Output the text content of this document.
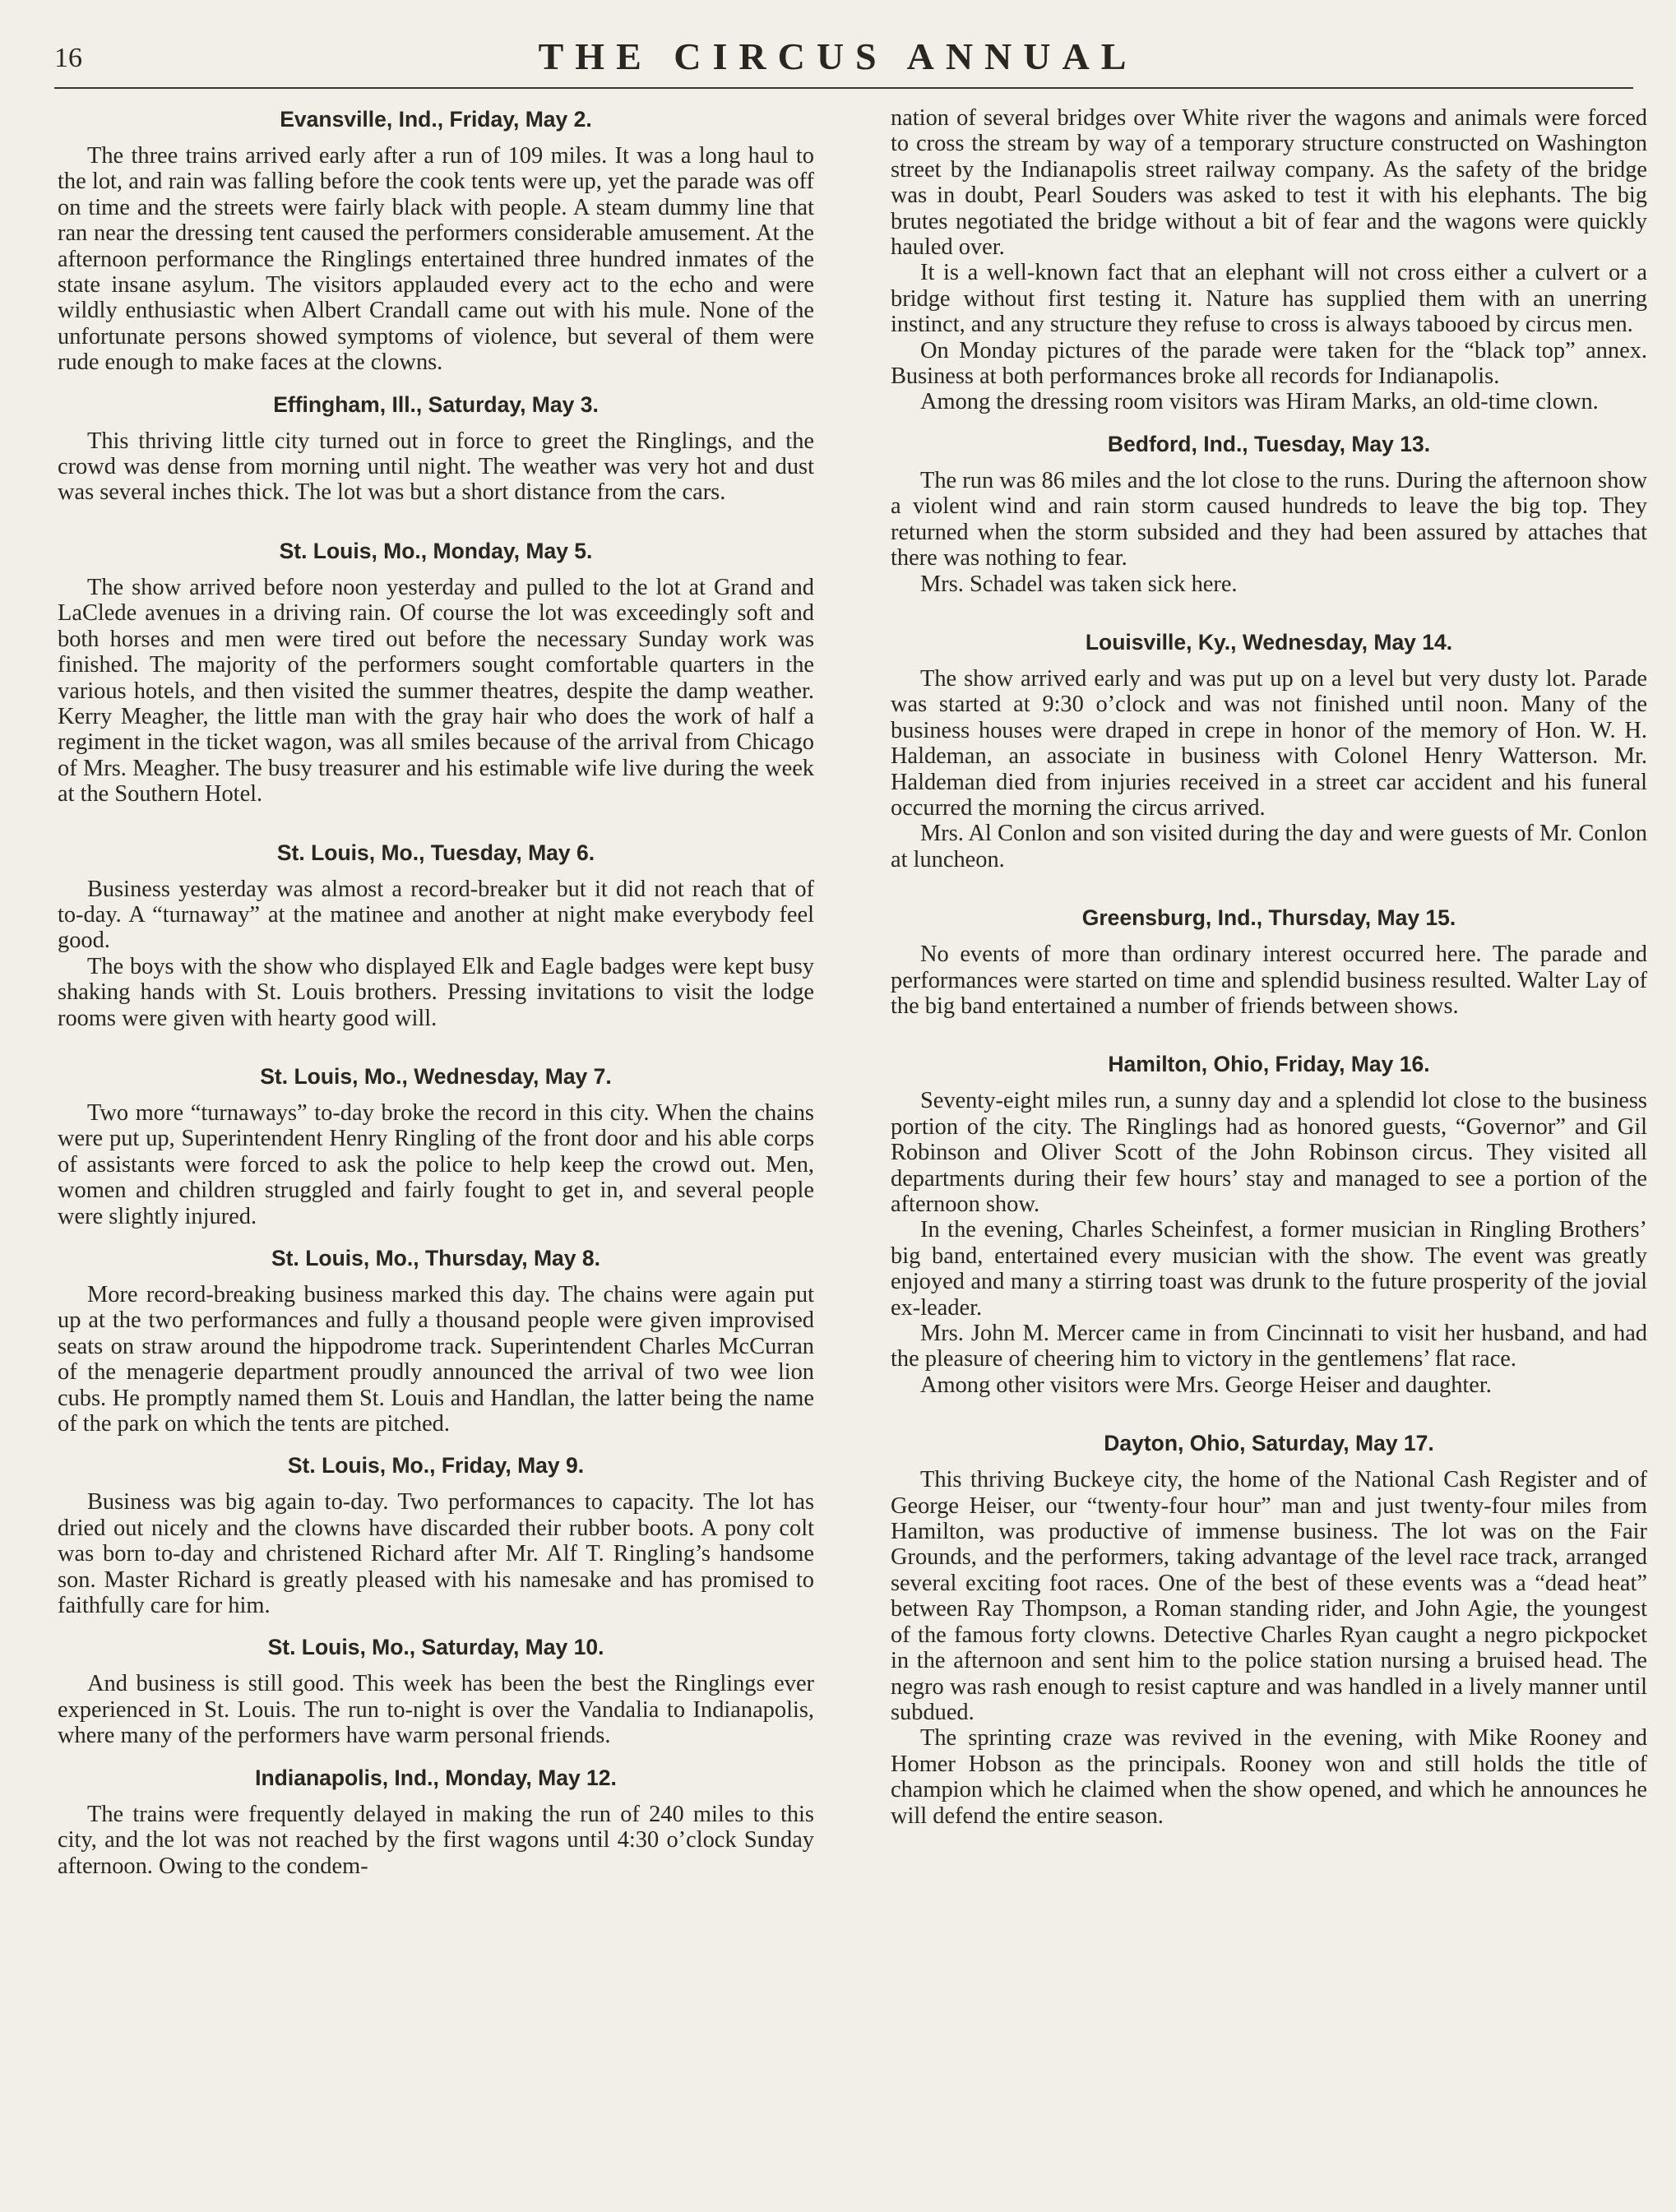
16	THE CIRCUS ANNUAL
Evansville, Ind., Friday, May 2.

The three trains arrived early after a run of 109 miles. It was a long haul to the lot, and rain was falling before the cook tents were up, yet the parade was off on time and the streets were fairly black with people. A steam dummy line that ran near the dressing tent caused the performers considerable amusement. At the afternoon performance the Ringlings entertained three hundred inmates of the state insane asylum. The visitors applauded every act to the echo and were wildly enthusiastic when Albert Crandall came out with his mule. None of the unfortunate persons showed symptoms of violence, but several of them were rude enough to make faces at the clowns.

Effingham, Ill., Saturday, May 3.

This thriving little city turned out in force to greet the Ringlings, and the crowd was dense from morning until night. The weather was very hot and dust was several inches thick. The lot was but a short distance from the cars.

St. Louis, Mo., Monday, May 5.

The show arrived before noon yesterday and pulled to the lot at Grand and LaClede avenues in a driving rain. Of course the lot was exceedingly soft and both horses and men were tired out before the necessary Sunday work was finished. The majority of the performers sought comfortable quarters in the various hotels, and then visited the summer theatres, despite the damp weather. Kerry Meagher, the little man with the gray hair who does the work of half a regiment in the ticket wagon, was all smiles because of the arrival from Chicago of Mrs. Meagher. The busy treasurer and his estimable wife live during the week at the Southern Hotel.

St. Louis, Mo., Tuesday, May 6.

Business yesterday was almost a record-breaker but it did not reach that of to-day. A “turnaway” at the matinee and another at night make everybody feel good.

The boys with the show who displayed Elk and Eagle badges were kept busy shaking hands with St. Louis brothers. Pressing invitations to visit the lodge rooms were given with hearty good will.

St. Louis, Mo., Wednesday, May 7.

Two more “turnaways” to-day broke the record in this city. When the chains were put up, Superintendent Henry Ringling of the front door and his able corps of assistants were forced to ask the police to help keep the crowd out. Men, women and children struggled and fairly fought to get in, and several people were slightly injured.

St. Louis, Mo., Thursday, May 8.

More record-breaking business marked this day. The chains were again put up at the two performances and fully a thousand people were given improvised seats on straw around the hippodrome track. Superintendent Charles McCurran of the menagerie department proudly announced the arrival of two wee lion cubs. He promptly named them St. Louis and Handlan, the latter being the name of the park on which the tents are pitched.

St. Louis, Mo., Friday, May 9.

Business was big again to-day. Two performances to capacity. The lot has dried out nicely and the clowns have discarded their rubber boots. A pony colt was born to-day and christened Richard after Mr. Alf T. Ringling’s handsome son. Master Richard is greatly pleased with his namesake and has promised to faithfully care for him.

St. Louis, Mo., Saturday, May 10.

And business is still good. This week has been the best the Ringlings ever experienced in St. Louis. The run to-night is over the Vandalia to Indianapolis, where many of the performers have warm personal friends.

Indianapolis, Ind., Monday, May 12.

The trains were frequently delayed in making the run of 240 miles to this city, and the lot was not reached by the first wagons until 4:30 o’clock Sunday afternoon. Owing to the condem-

nation of several bridges over White river the wagons and animals were forced to cross the stream by way of a temporary structure constructed on Washington street by the Indianapolis street railway company. As the safety of the bridge was in doubt, Pearl Souders was asked to test it with his elephants. The big brutes negotiated the bridge without a bit of fear and the wagons were quickly hauled over.

It is a well-known fact that an elephant will not cross either a culvert or a bridge without first testing it. Nature has supplied them with an unerring instinct, and any structure they refuse to cross is always tabooed by circus men.

On Monday pictures of the parade were taken for the “black top” annex. Business at both performances broke all records for Indianapolis.

Among the dressing room visitors was Hiram Marks, an old-time clown.

Bedford, Ind., Tuesday, May 13.

The run was 86 miles and the lot close to the runs. During the afternoon show a violent wind and rain storm caused hundreds to leave the big top. They returned when the storm subsided and they had been assured by attaches that there was nothing to fear.

Mrs. Schadel was taken sick here.

Louisville, Ky., Wednesday, May 14.

The show arrived early and was put up on a level but very dusty lot. Parade was started at 9:30 o’clock and was not finished until noon. Many of the business houses were draped in crepe in honor of the memory of Hon. W. H. Haldeman, an associate in business with Colonel Henry Watterson. Mr. Haldeman died from injuries received in a street car accident and his funeral occurred the morning the circus arrived.

Mrs. Al Conlon and son visited during the day and were guests of Mr. Conlon at luncheon.

Greensburg, Ind., Thursday, May 15.

No events of more than ordinary interest occurred here. The parade and performances were started on time and splendid business resulted. Walter Lay of the big band entertained a number of friends between shows.

Hamilton, Ohio, Friday, May 16.

Seventy-eight miles run, a sunny day and a splendid lot close to the business portion of the city. The Ringlings had as honored guests, “Governor” and Gil Robinson and Oliver Scott of the John Robinson circus. They visited all departments during their few hours’ stay and managed to see a portion of the afternoon show.

In the evening, Charles Scheinfest, a former musician in Ringling Brothers’ big band, entertained every musician with the show. The event was greatly enjoyed and many a stirring toast was drunk to the future prosperity of the jovial ex-leader.

Mrs. John M. Mercer came in from Cincinnati to visit her husband, and had the pleasure of cheering him to victory in the gentlemens’ flat race.

Among other visitors were Mrs. George Heiser and daughter.

Dayton, Ohio, Saturday, May 17.

This thriving Buckeye city, the home of the National Cash Register and of George Heiser, our “twenty-four hour” man and just twenty-four miles from Hamilton, was productive of immense business. The lot was on the Fair Grounds, and the performers, taking advantage of the level race track, arranged several exciting foot races. One of the best of these events was a “dead heat” between Ray Thompson, a Roman standing rider, and John Agie, the youngest of the famous forty clowns. Detective Charles Ryan caught a negro pickpocket in the afternoon and sent him to the police station nursing a bruised head. The negro was rash enough to resist capture and was handled in a lively manner until subdued.

The sprinting craze was revived in the evening, with Mike Rooney and Homer Hobson as the principals. Rooney won and still holds the title of champion which he claimed when the show opened, and which he announces he will defend the entire season.
